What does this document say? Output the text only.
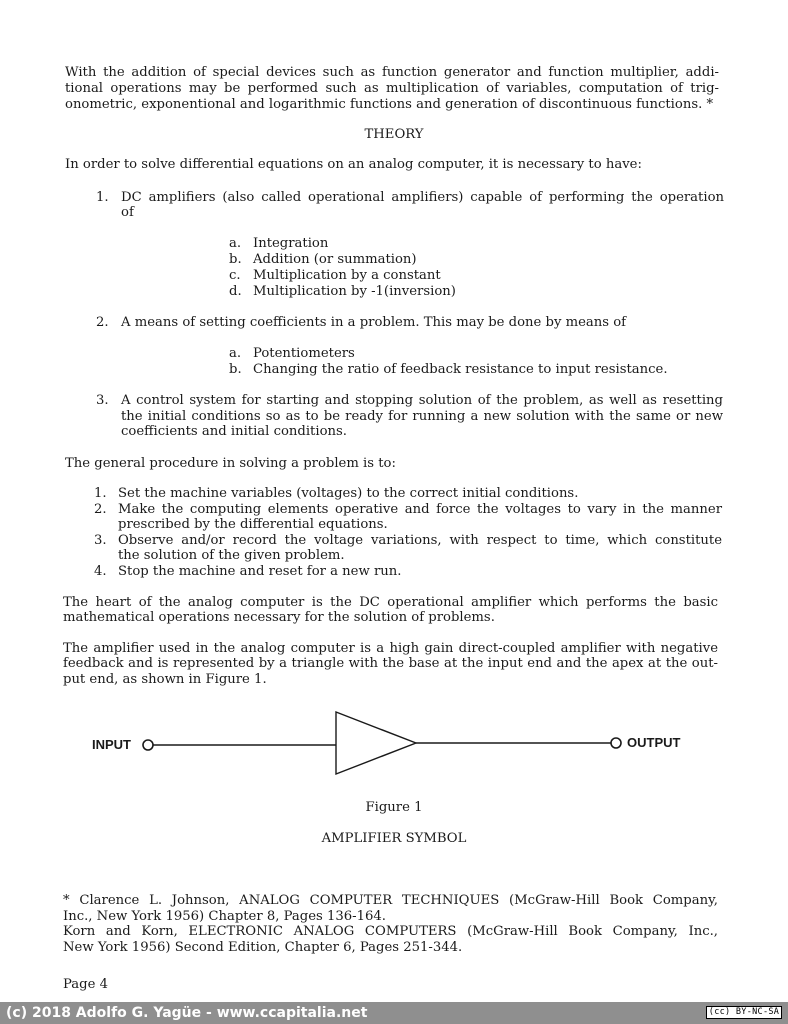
With the addition of special devices such as function generator and function multiplier, addi-
tional operations may be performed such as multiplication of variables, computation of trig-
onometric, exponentional and logarithmic functions and generation of discontinuous functions. *
THEORY
In order to solve differential equations on an analog computer, it is necessary to have:
1. DC amplifiers (also called operational amplifiers) capable of performing the operation
of
a. Integration
b. Addition (or summation)
c. Multiplication by a constant
d. Multiplication by -1(inversion)
2. A means of setting coefficients in a problem. This may be done by means of
a. Potentiometers
b. Changing the ratio of feedback resistance to input resistance.
3. A control system for starting and stopping solution of the problem, as well as resetting
the initial conditions so as to be ready for running a new solution with the same or new
coefficients and initial conditions.
The general procedure in solving a problem is to:
1. Set the machine variables (voltages) to the correct initial conditions.
2. Make the computing elements operative and force the voltages to vary in the manner
prescribed by the differential equations.
3. Observe and/or record the voltage variations, with respect to time, which constitute
the solution of the given problem.
4. Stop the machine and reset for a new run.
The heart of the analog computer is the DC operational amplifier which performs the basic
mathematical operations necessary for the solution of problems.
The amplifier used in the analog computer is a high gain direct-coupled amplifier with negative
feedback and is represented by a triangle with the base at the input end and the apex at the out-
put end, as shown in Figure 1.
INPUT	OUTPUT
Figure 1
AMPLIFIER SYMBOL
* Clarence L. Johnson, ANALOG COMPUTER TECHNIQUES (McGraw-Hill Book Company,
Inc., New York 1956) Chapter 8, Pages 136-164.
Korn and Korn, ELECTRONIC ANALOG COMPUTERS (McGraw-Hill Book Company, Inc.,
New York 1956) Second Edition, Chapter 6, Pages 251-344.
Page 4
(c) 2018 Adolfo G. Yagüe - www.ccapitalia.net	(cc) BY-NC-SA
